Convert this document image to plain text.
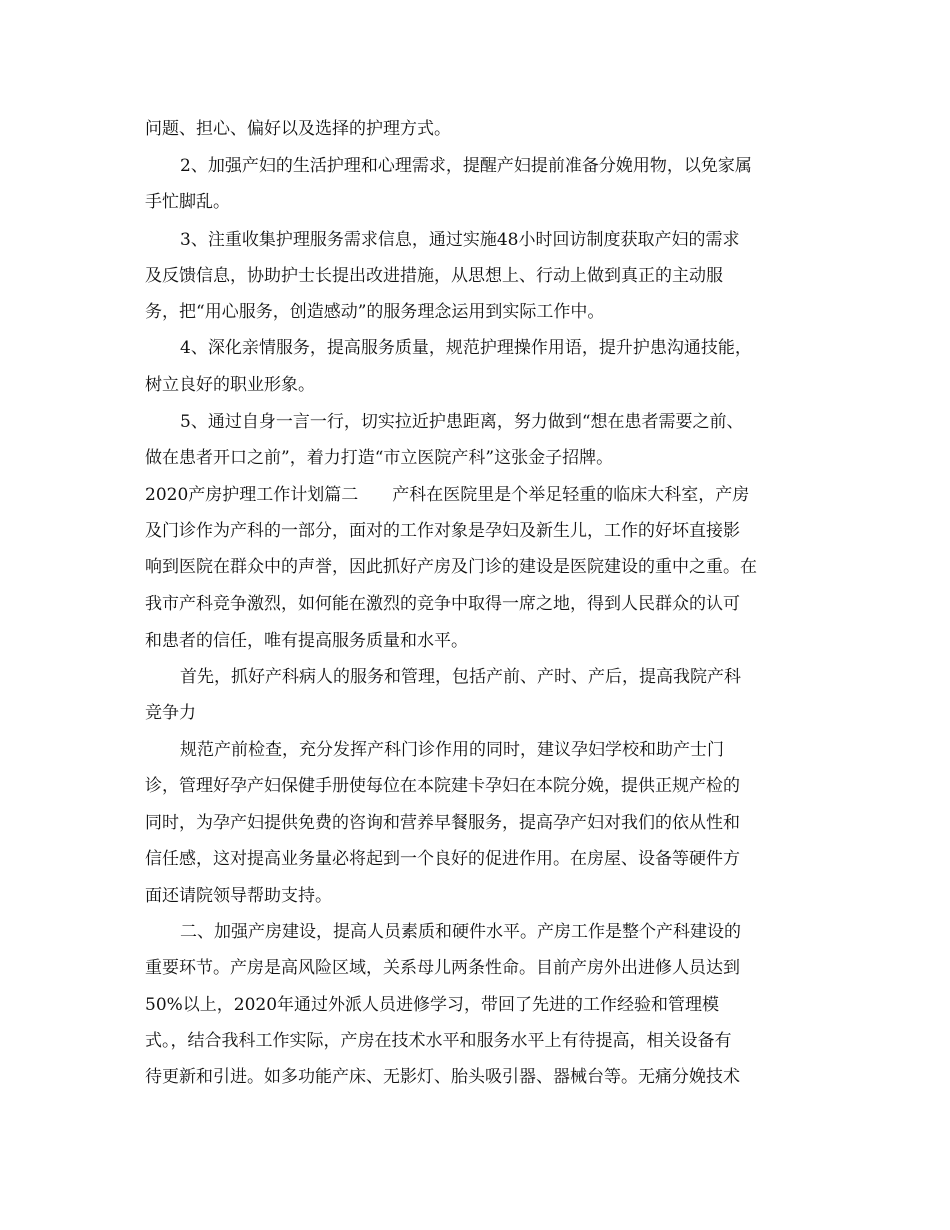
问题、担心、偏好以及选择的护理方式。
2、加强产妇的生活护理和心理需求，提醒产妇提前准备分娩用物，以免家属
手忙脚乱。
3、注重收集护理服务需求信息，通过实施48小时回访制度获取产妇的需求
及反馈信息，协助护士长提出改进措施，从思想上、行动上做到真正的主动服
务，把“用心服务，创造感动”的服务理念运用到实际工作中。
4、深化亲情服务，提高服务质量，规范护理操作用语，提升护患沟通技能，
树立良好的职业形象。
5、通过自身一言一行，切实拉近护患距离，努力做到“想在患者需要之前、
做在患者开口之前”，着力打造“市立医院产科”这张金子招牌。
2020产房护理工作计划篇二　　产科在医院里是个举足轻重的临床大科室，产房
及门诊作为产科的一部分，面对的工作对象是孕妇及新生儿，工作的好坏直接影
响到医院在群众中的声誉，因此抓好产房及门诊的建设是医院建设的重中之重。在
我市产科竞争激烈，如何能在激烈的竞争中取得一席之地，得到人民群众的认可
和患者的信任，唯有提高服务质量和水平。
首先，抓好产科病人的服务和管理，包括产前、产时、产后，提高我院产科
竞争力
规范产前检查，充分发挥产科门诊作用的同时，建议孕妇学校和助产士门
诊，管理好孕产妇保健手册使每位在本院建卡孕妇在本院分娩，提供正规产检的
同时，为孕产妇提供免费的咨询和营养早餐服务，提高孕产妇对我们的依从性和
信任感，这对提高业务量必将起到一个良好的促进作用。在房屋、设备等硬件方
面还请院领导帮助支持。
二、加强产房建设，提高人员素质和硬件水平。产房工作是整个产科建设的
重要环节。产房是高风险区域，关系母儿两条性命。目前产房外出进修人员达到
50%以上，2020年通过外派人员进修学习，带回了先进的工作经验和管理模
式。，结合我科工作实际，产房在技术水平和服务水平上有待提高，相关设备有
待更新和引进。如多功能产床、无影灯、胎头吸引器、器械台等。无痛分娩技术
